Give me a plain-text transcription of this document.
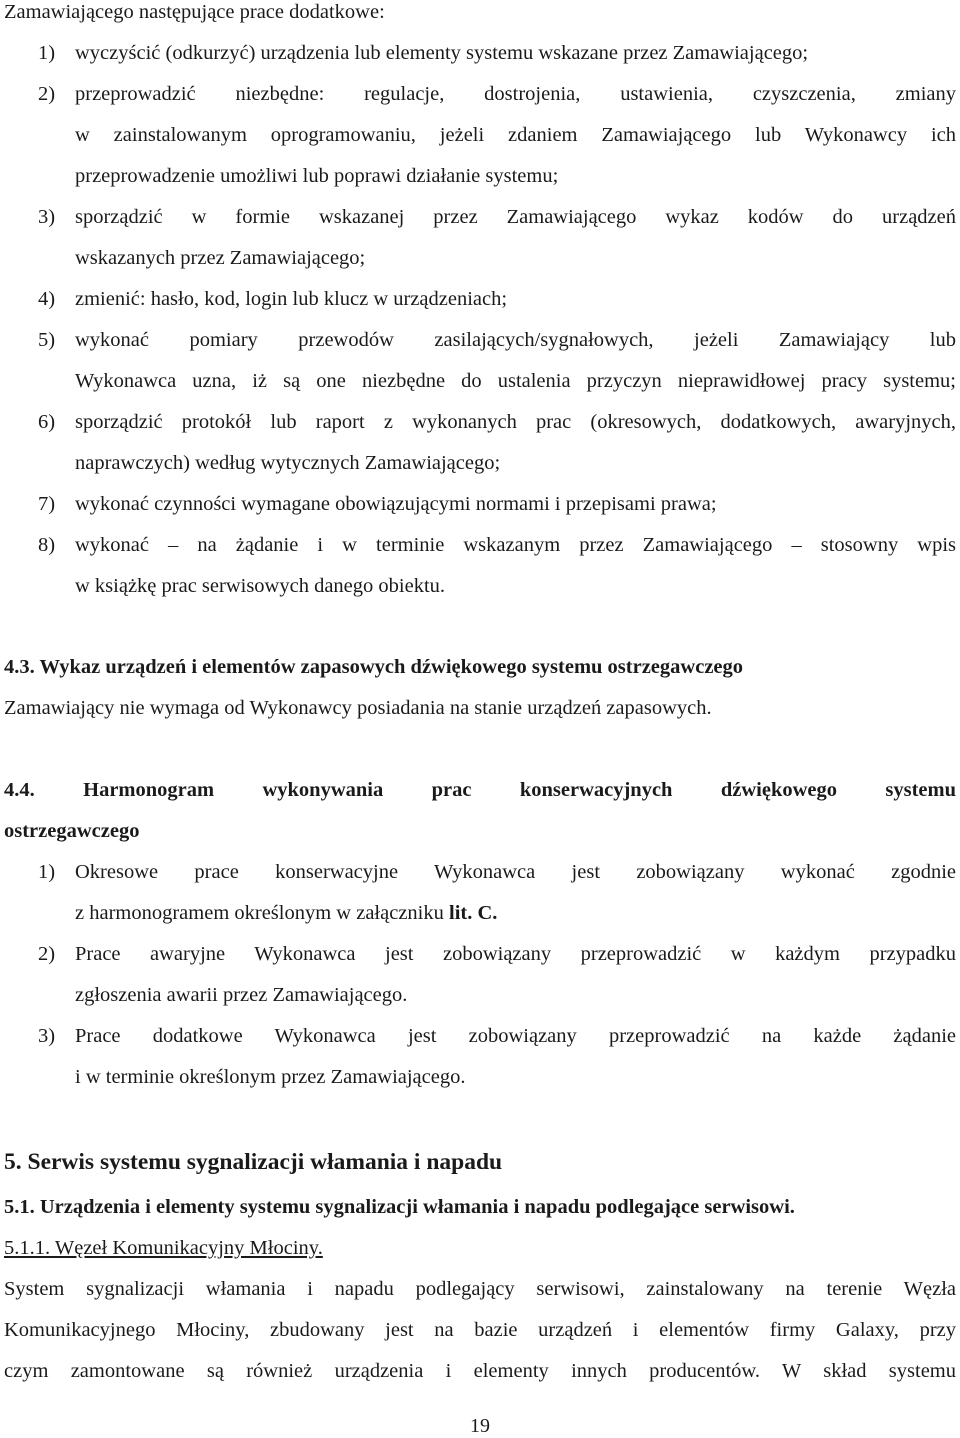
Zamawiającego następujące prace dodatkowe:
1) wyczyścić (odkurzyć) urządzenia lub elementy systemu wskazane przez Zamawiającego;
2) przeprowadzić niezbędne: regulacje, dostrojenia, ustawienia, czyszczenia, zmiany
w zainstalowanym oprogramowaniu, jeżeli zdaniem Zamawiającego lub Wykonawcy ich
przeprowadzenie umożliwi lub poprawi działanie systemu;
3) sporządzić w formie wskazanej przez Zamawiającego wykaz kodów do urządzeń
wskazanych przez Zamawiającego;
4) zmienić: hasło, kod, login lub klucz w urządzeniach;
5) wykonać pomiary przewodów zasilających/sygnałowych, jeżeli Zamawiający lub
Wykonawca uzna, iż są one niezbędne do ustalenia przyczyn nieprawidłowej pracy systemu;
6) sporządzić protokół lub raport z wykonanych prac (okresowych, dodatkowych, awaryjnych,
naprawczych) według wytycznych Zamawiającego;
7) wykonać czynności wymagane obowiązującymi normami i przepisami prawa;
8) wykonać – na żądanie i w terminie wskazanym przez Zamawiającego – stosowny wpis
w książkę prac serwisowych danego obiektu.
4.3. Wykaz urządzeń i elementów zapasowych dźwiękowego systemu ostrzegawczego
Zamawiający nie wymaga od Wykonawcy posiadania na stanie urządzeń zapasowych.
4.4. Harmonogram wykonywania prac konserwacyjnych dźwiękowego systemu
ostrzegawczego
1) Okresowe prace konserwacyjne Wykonawca jest zobowiązany wykonać zgodnie
z harmonogramem określonym w załączniku lit. C.
2) Prace awaryjne Wykonawca jest zobowiązany przeprowadzić w każdym przypadku
zgłoszenia awarii przez Zamawiającego.
3) Prace dodatkowe Wykonawca jest zobowiązany przeprowadzić na każde żądanie
i w terminie określonym przez Zamawiającego.
5. Serwis systemu sygnalizacji włamania i napadu
5.1. Urządzenia i elementy systemu sygnalizacji włamania i napadu podlegające serwisowi.
5.1.1. Węzeł Komunikacyjny Młociny.
System sygnalizacji włamania i napadu podlegający serwisowi, zainstalowany na terenie Węzła
Komunikacyjnego Młociny, zbudowany jest na bazie urządzeń i elementów firmy Galaxy, przy
czym zamontowane są również urządzenia i elementy innych producentów. W skład systemu
19
